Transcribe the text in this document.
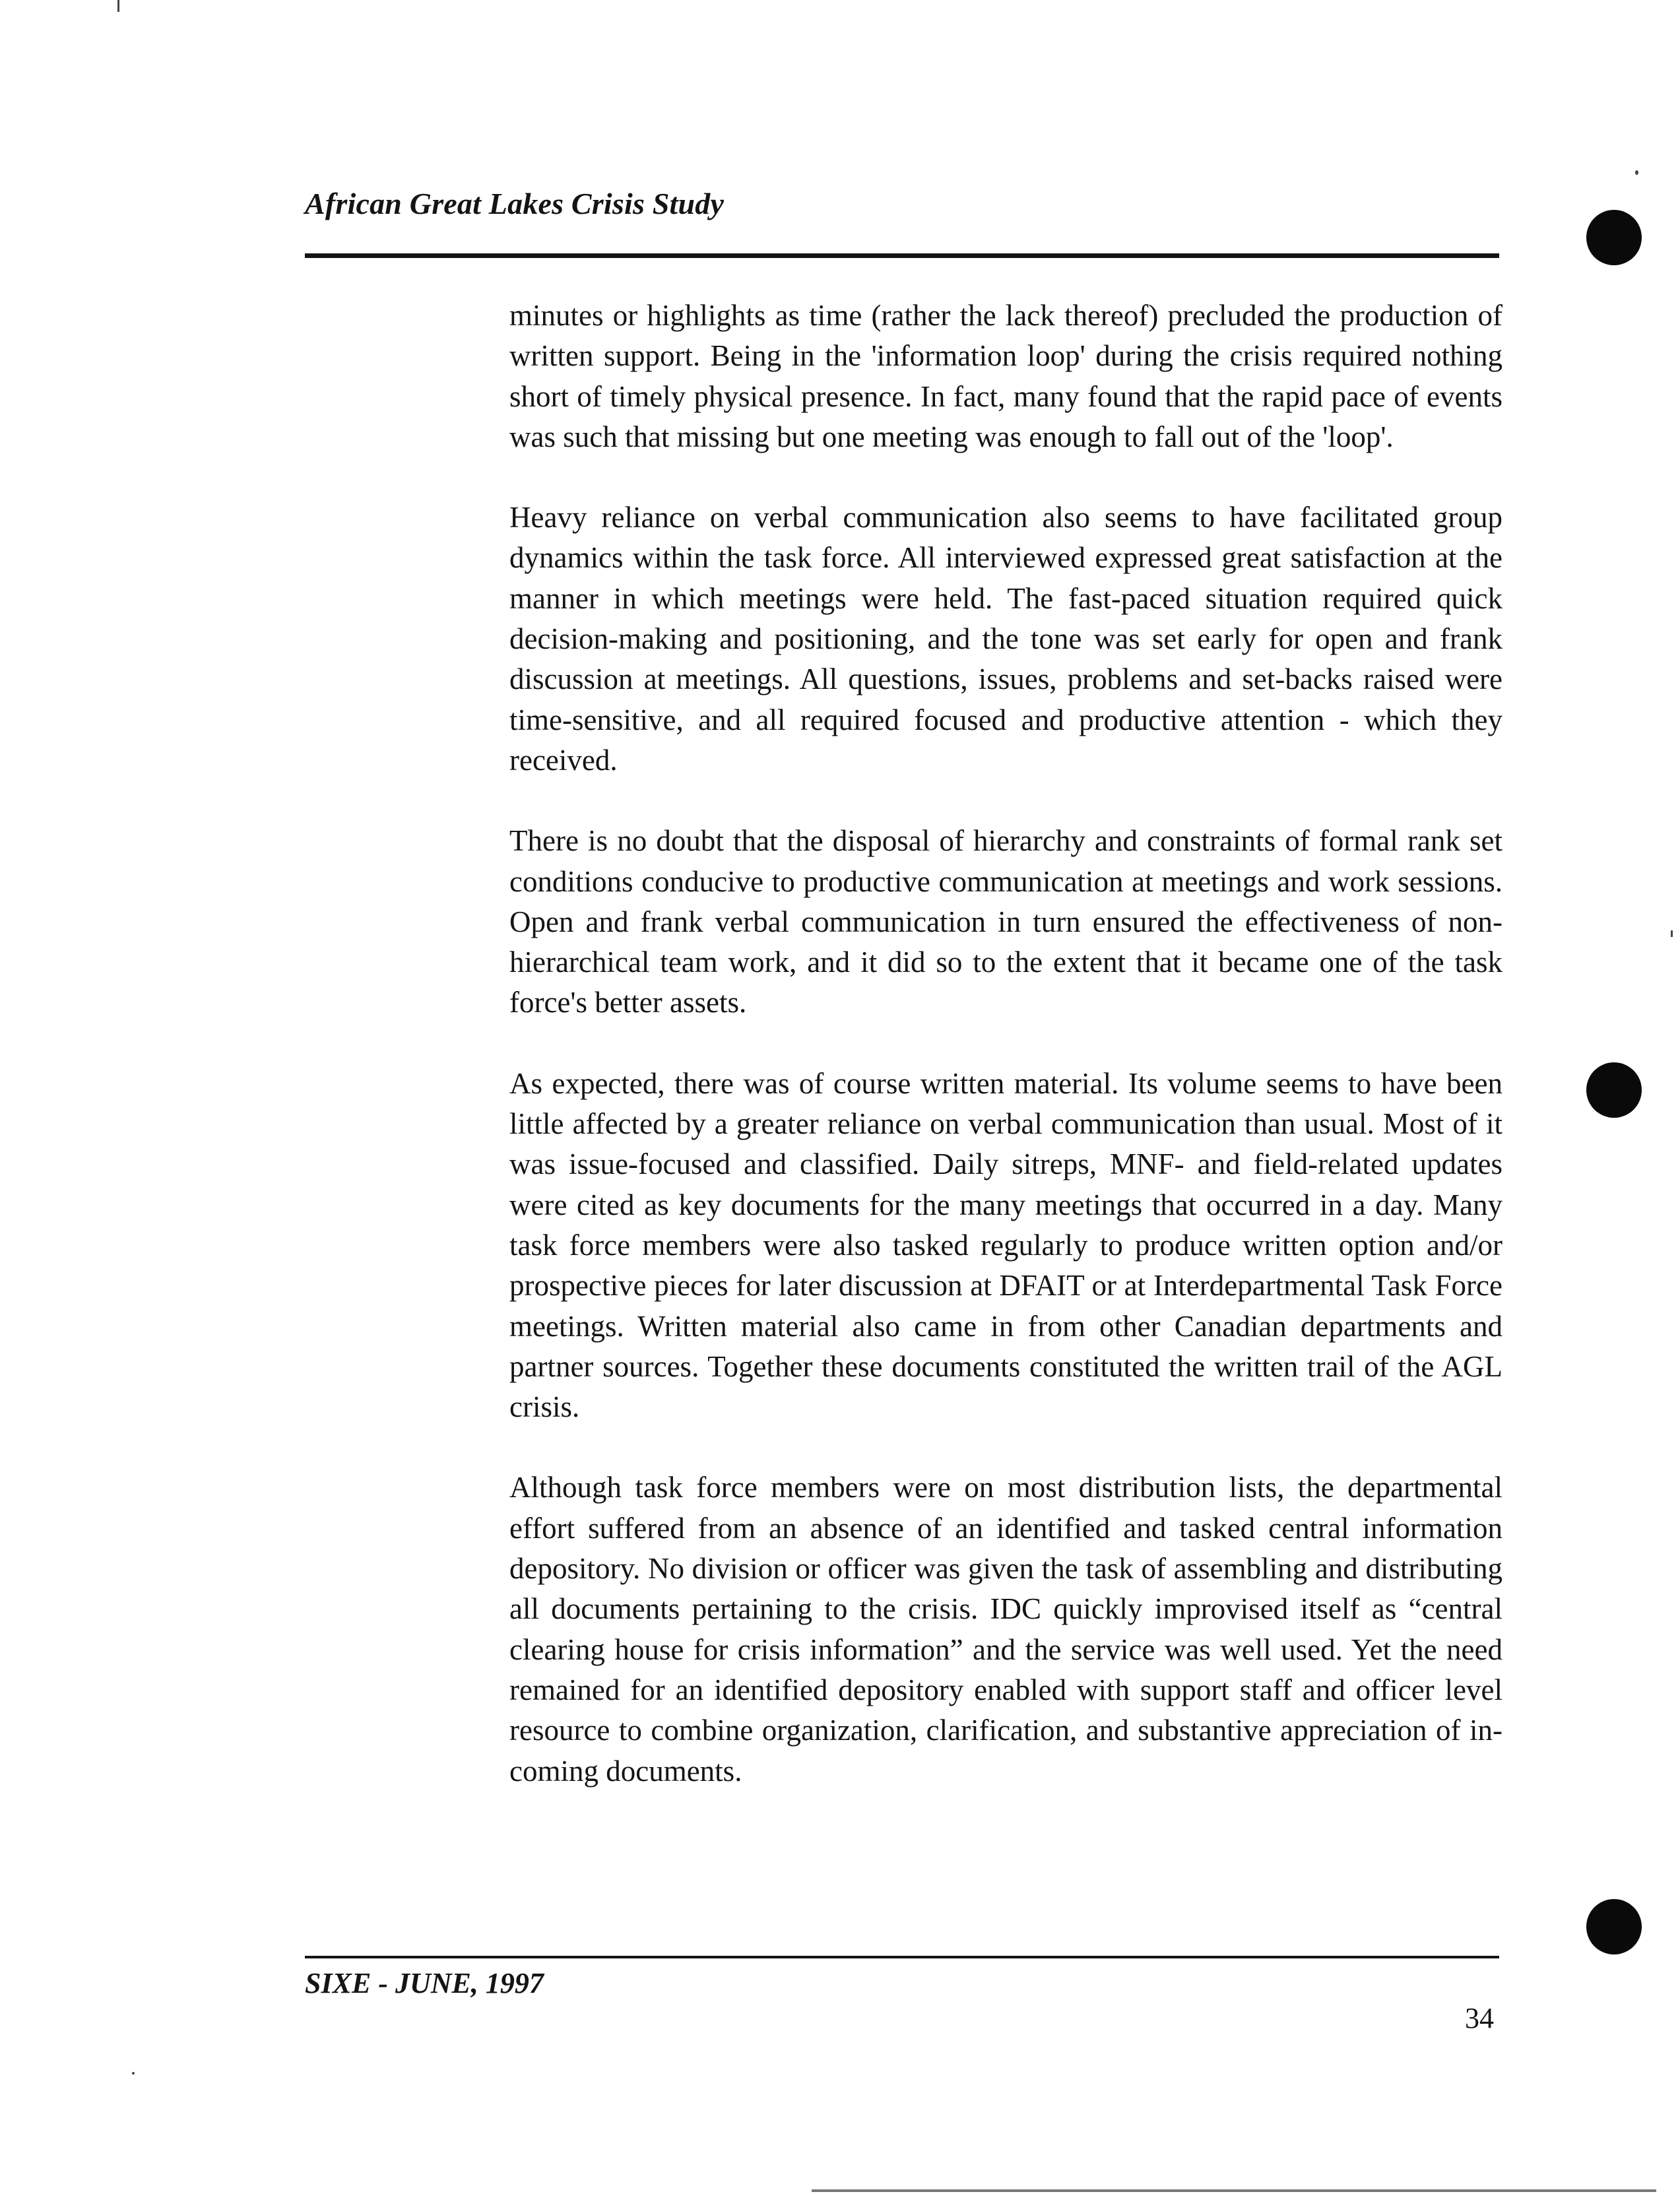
African Great Lakes Crisis Study

minutes or highlights as time (rather the lack thereof) precluded the production of written support. Being in the 'information loop' during the crisis required nothing short of timely physical presence. In fact, many found that the rapid pace of events was such that missing but one meeting was enough to fall out of the 'loop'.

Heavy reliance on verbal communication also seems to have facilitated group dynamics within the task force. All interviewed expressed great satisfaction at the manner in which meetings were held. The fast-paced situation required quick decision-making and positioning, and the tone was set early for open and frank discussion at meetings. All questions, issues, problems and set-backs raised were time-sensitive, and all required focused and productive attention - which they received.

There is no doubt that the disposal of hierarchy and constraints of formal rank set conditions conducive to productive communication at meetings and work sessions. Open and frank verbal communication in turn ensured the effectiveness of non-hierarchical team work, and it did so to the extent that it became one of the task force's better assets.

As expected, there was of course written material. Its volume seems to have been little affected by a greater reliance on verbal communication than usual. Most of it was issue-focused and classified. Daily sitreps, MNF- and field-related updates were cited as key documents for the many meetings that occurred in a day. Many task force members were also tasked regularly to produce written option and/or prospective pieces for later discussion at DFAIT or at Interdepartmental Task Force meetings. Written material also came in from other Canadian departments and partner sources. Together these documents constituted the written trail of the AGL crisis.

Although task force members were on most distribution lists, the departmental effort suffered from an absence of an identified and tasked central information depository. No division or officer was given the task of assembling and distributing all documents pertaining to the crisis. IDC quickly improvised itself as “central clearing house for crisis information” and the service was well used. Yet the need remained for an identified depository enabled with support staff and officer level resource to combine organization, clarification, and substantive appreciation of in-coming documents.

SIXE - JUNE, 1997
34
